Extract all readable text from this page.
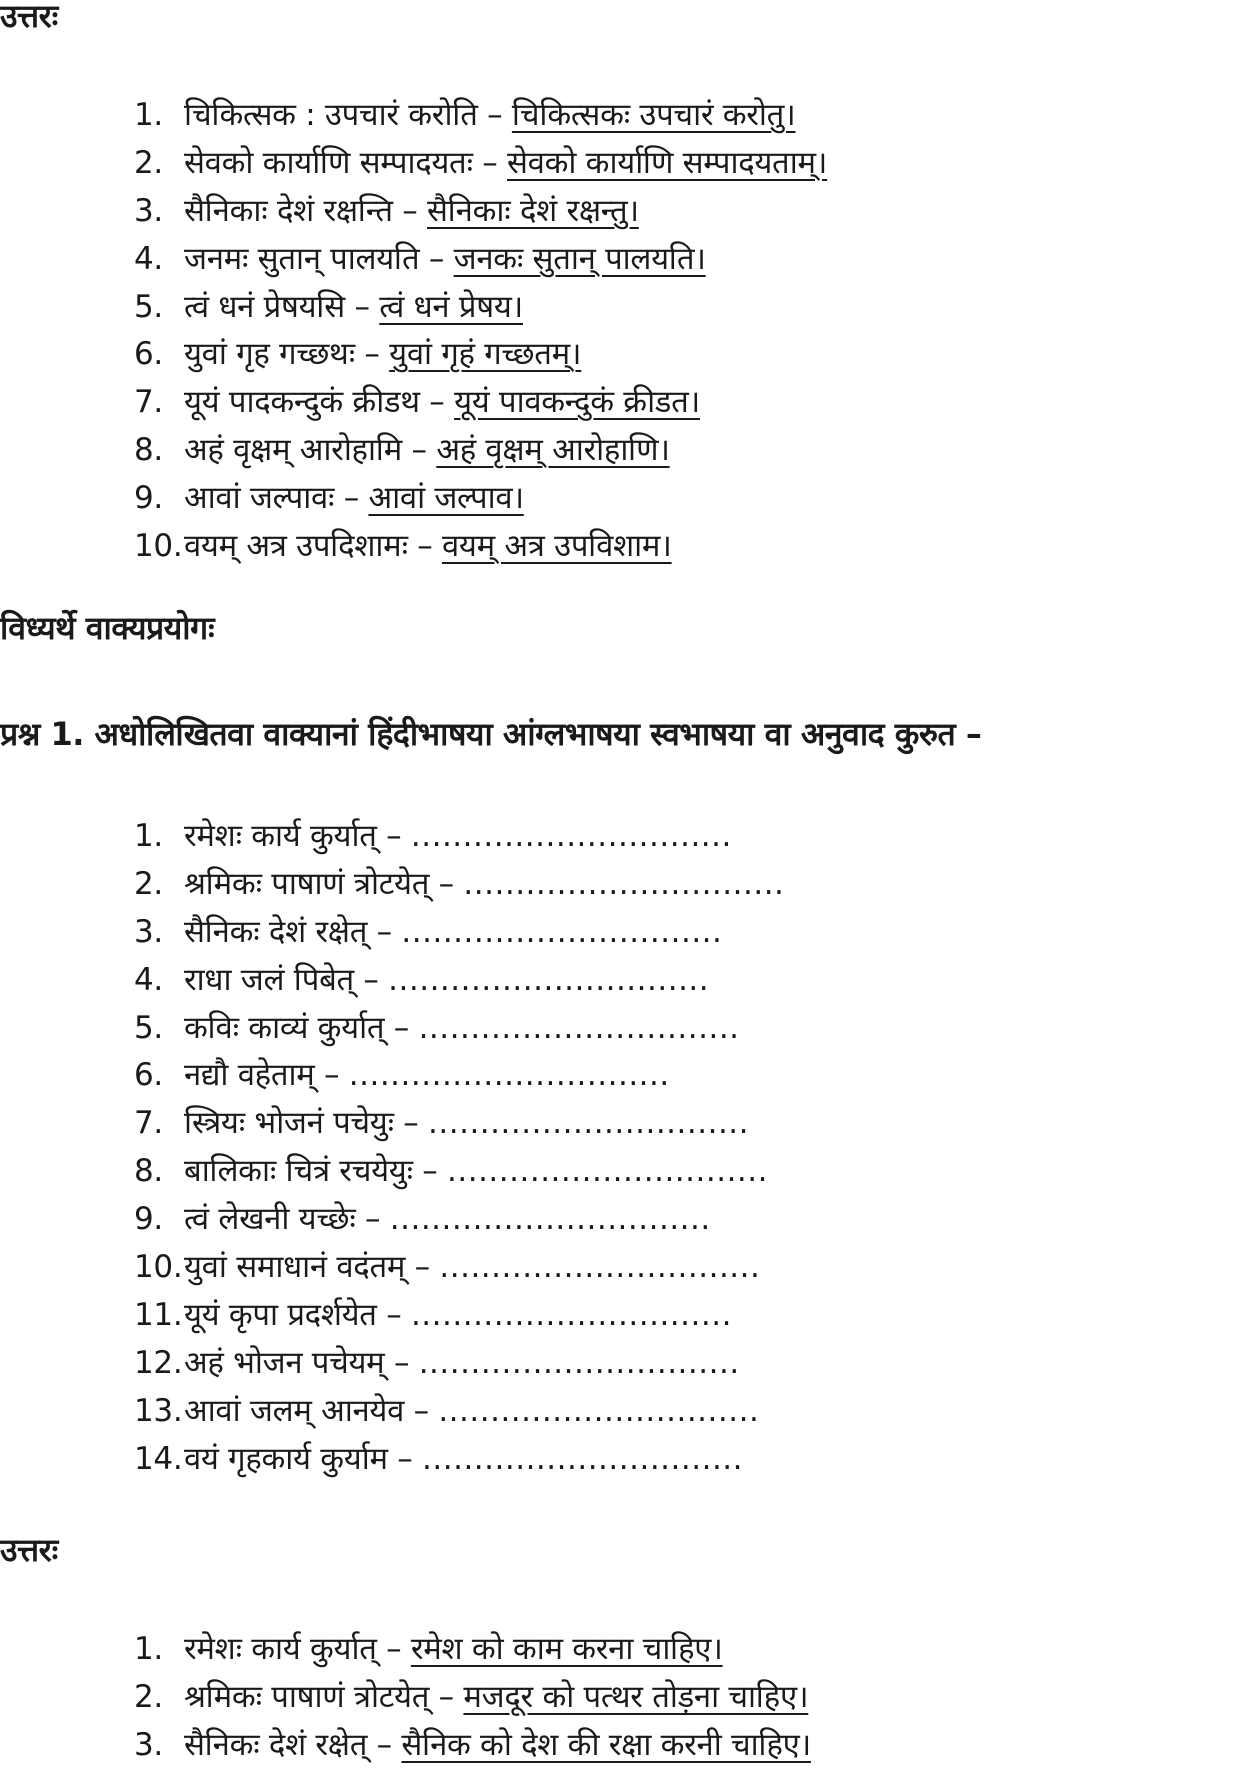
उत्तरः
1. चिकित्सक : उपचारं करोति – चिकित्सकः उपचारं करोतु।
2. सेवको कार्याणि सम्पादयतः – सेवको कार्याणि सम्पादयताम्।
3. सैनिकाः देशं रक्षन्ति – सैनिकाः देशं रक्षन्तु।
4. जनमः सुतान् पालयति – जनकः सुतान् पालयति।
5. त्वं धनं प्रेषयसि – त्वं धनं प्रेषय।
6. युवां गृह गच्छथः – युवां गृहं गच्छतम्।
7. यूयं पादकन्दुकं क्रीडथ – यूयं पावकन्दुकं क्रीडत।
8. अहं वृक्षम् आरोहामि – अहं वृक्षम् आरोहाणि।
9. आवां जल्पावः – आवां जल्पाव।
10.वयम् अत्र उपदिशामः – वयम् अत्र उपविशाम।
विध्यर्थे वाक्यप्रयोगः
प्रश्न 1. अधोलिखितवा वाक्यानां हिंदीभाषया आंग्लभाषया स्वभाषया वा अनुवाद कुरुत –
1. रमेशः कार्य कुर्यात् – ...............................
2. श्रमिकः पाषाणं त्रोटयेत् – ...............................
3. सैनिकः देशं रक्षेत् – ...............................
4. राधा जलं पिबेत् – ...............................
5. कविः काव्यं कुर्यात् – ...............................
6. नद्यौ वहेताम् – ...............................
7. स्त्रियः भोजनं पचेयुः – ...............................
8. बालिकाः चित्रं रचयेयुः – ...............................
9. त्वं लेखनी यच्छेः – ...............................
10.युवां समाधानं वदंतम् – ...............................
11.यूयं कृपा प्रदर्शयेत – ...............................
12.अहं भोजन पचेयम् – ...............................
13.आवां जलम् आनयेव – ...............................
14.वयं गृहकार्य कुर्याम – ...............................
उत्तरः
1. रमेशः कार्य कुर्यात् – रमेश को काम करना चाहिए।
2. श्रमिकः पाषाणं त्रोटयेत् – मजदूर को पत्थर तोड़ना चाहिए।
3. सैनिकः देशं रक्षेत् – सैनिक को देश की रक्षा करनी चाहिए।
